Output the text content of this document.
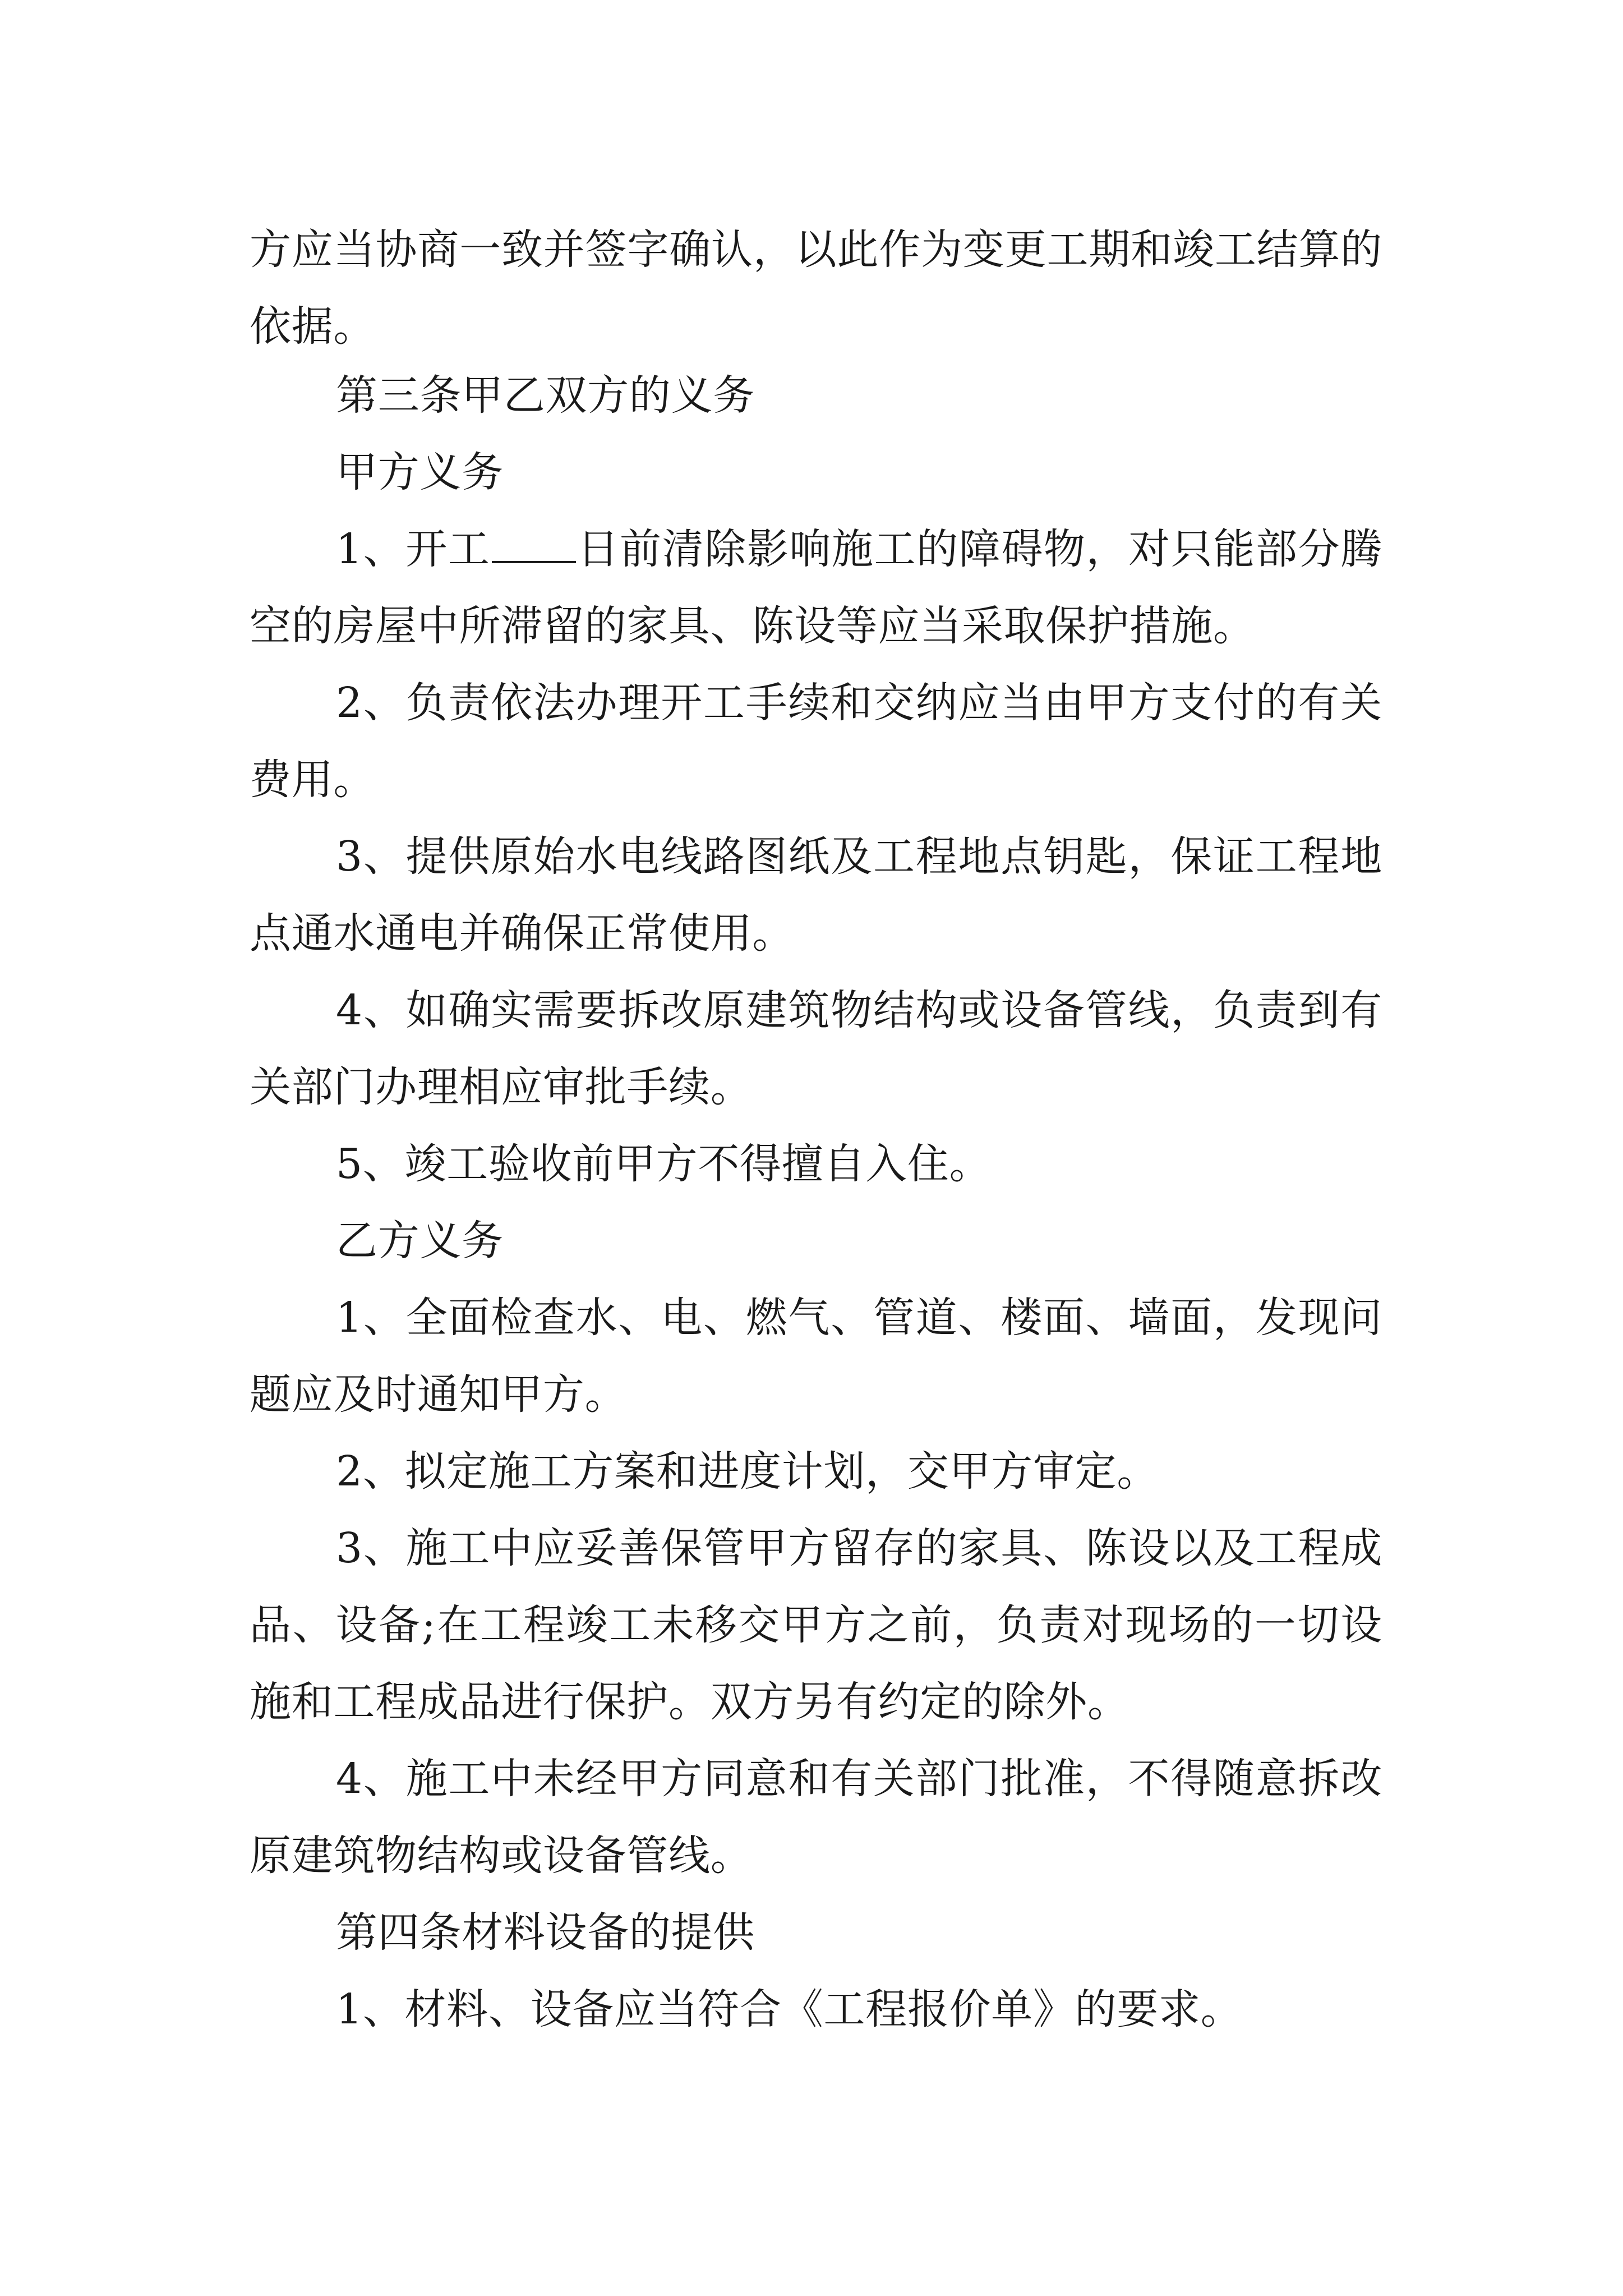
方应当协商一致并签字确认，以此作为变更工期和竣工结算的依据。

第三条甲乙双方的义务

甲方义务

1、开工 日前清除影响施工的障碍物，对只能部分腾空的房屋中所滞留的家具、陈设等应当采取保护措施。

2、负责依法办理开工手续和交纳应当由甲方支付的有关费用。

3、提供原始水电线路图纸及工程地点钥匙，保证工程地点通水通电并确保正常使用。

4、如确实需要拆改原建筑物结构或设备管线，负责到有关部门办理相应审批手续。

5、竣工验收前甲方不得擅自入住。

乙方义务

1、全面检查水、电、燃气、管道、楼面、墙面，发现问题应及时通知甲方。

2、拟定施工方案和进度计划，交甲方审定。

3、施工中应妥善保管甲方留存的家具、陈设以及工程成品、设备;在工程竣工未移交甲方之前，负责对现场的一切设施和工程成品进行保护。双方另有约定的除外。

4、施工中未经甲方同意和有关部门批准，不得随意拆改原建筑物结构或设备管线。

第四条材料设备的提供

1、材料、设备应当符合《工程报价单》的要求。
